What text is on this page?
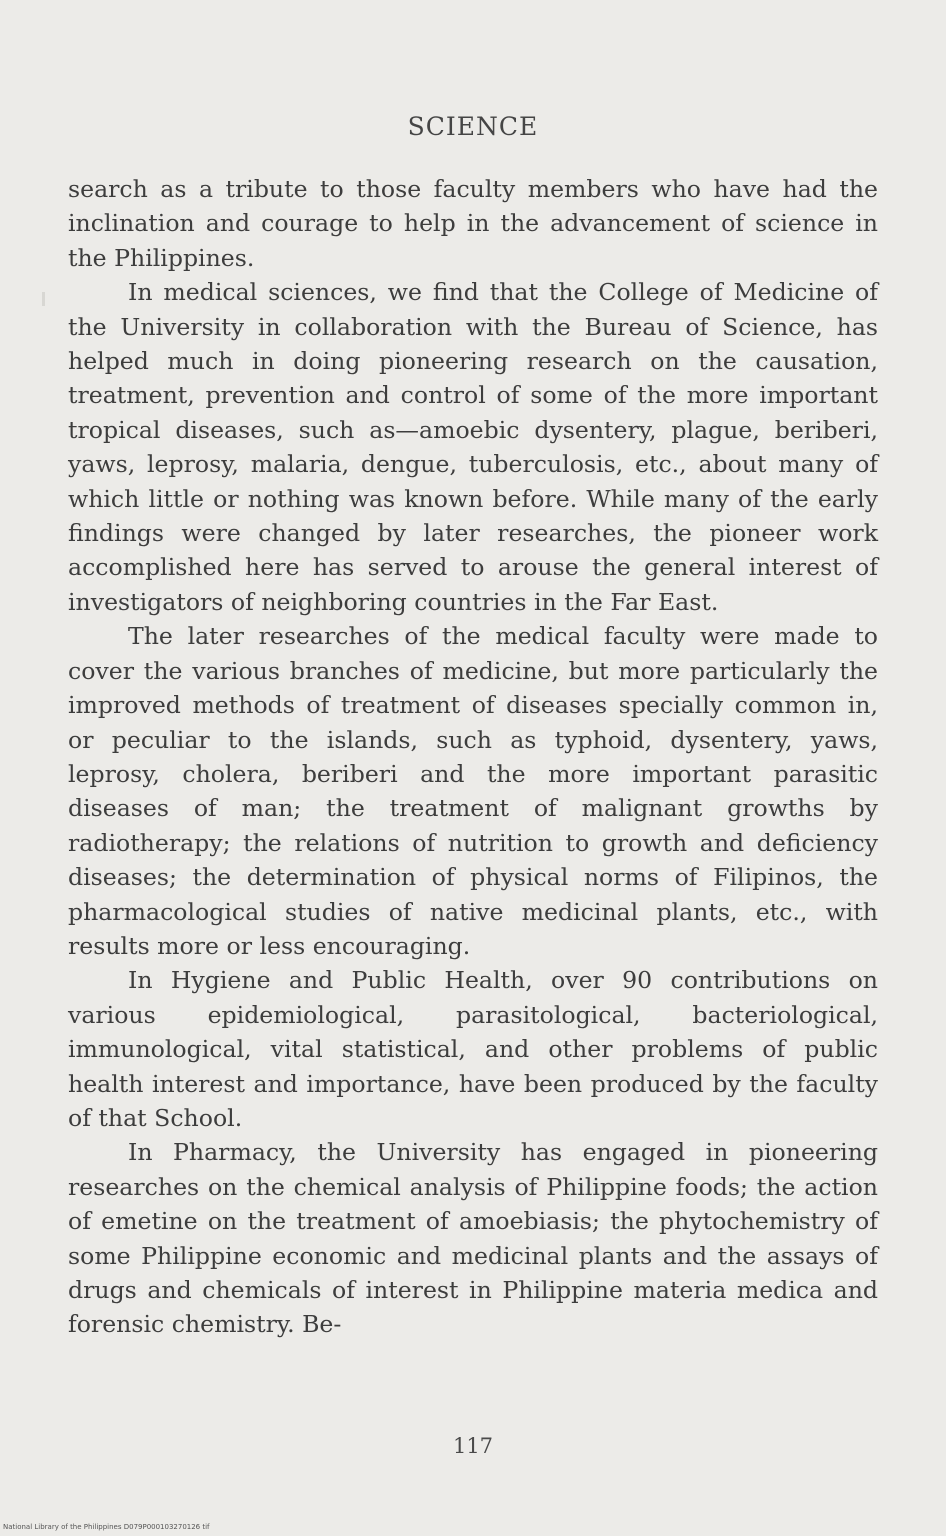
SCIENCE

search as a tribute to those faculty members who have had the inclination and courage to help in the advancement of science in the Philippines.

In medical sciences, we find that the College of Medicine of the University in collaboration with the Bureau of Science, has helped much in doing pioneering research on the causation, treatment, prevention and control of some of the more important tropical diseases, such as—amoebic dysentery, plague, beriberi, yaws, leprosy, malaria, dengue, tuberculosis, etc., about many of which little or nothing was known before. While many of the early findings were changed by later researches, the pioneer work accomplished here has served to arouse the general interest of investigators of neighboring countries in the Far East.

The later researches of the medical faculty were made to cover the various branches of medicine, but more particularly the improved methods of treatment of diseases specially common in, or peculiar to the islands, such as typhoid, dysentery, yaws, leprosy, cholera, beriberi and the more important parasitic diseases of man; the treatment of malignant growths by radiotherapy; the relations of nutrition to growth and deficiency diseases; the determination of physical norms of Filipinos, the pharmacological studies of native medicinal plants, etc., with results more or less encouraging.

In Hygiene and Public Health, over 90 contributions on various epidemiological, parasitological, bacteriological, immunological, vital statistical, and other problems of public health interest and importance, have been produced by the faculty of that School.

In Pharmacy, the University has engaged in pioneering researches on the chemical analysis of Philippine foods; the action of emetine on the treatment of amoebiasis; the phytochemistry of some Philippine economic and medicinal plants and the assays of drugs and chemicals of interest in Philippine materia medica and forensic chemistry. Be-

117
National Library of the Philippines D079P000103270126 tif
